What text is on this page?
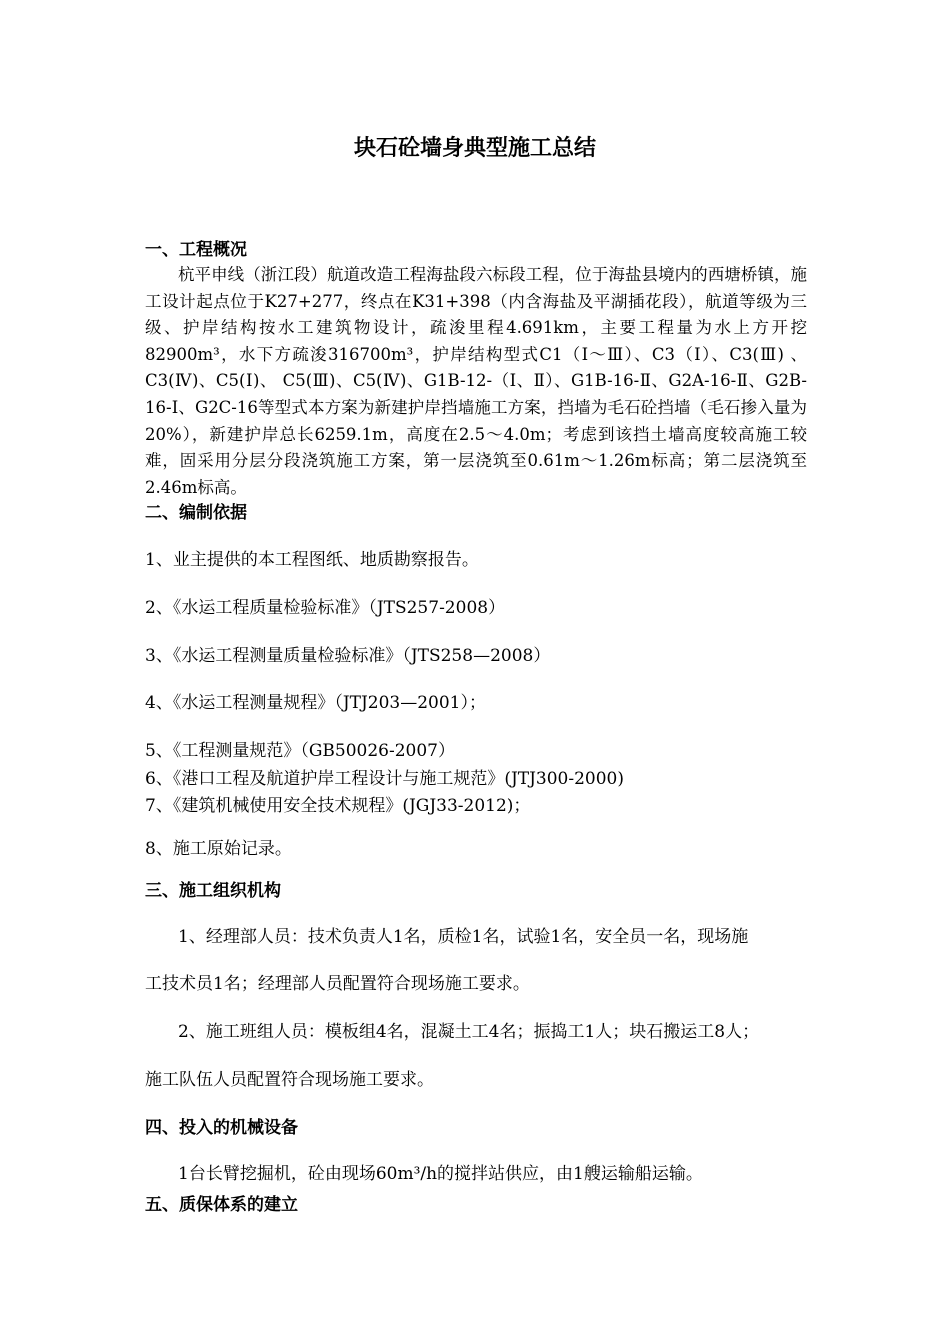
块石砼墙身典型施工总结
一、工程概况
杭平申线（浙江段）航道改造工程海盐段六标段工程，位于海盐县境内的西塘桥镇，施工设计起点位于K27+277，终点在K31+398（内含海盐及平湖插花段），航道等级为三级、护岸结构按水工建筑物设计，疏浚里程4.691km，主要工程量为水上方开挖82900m³，水下方疏浚316700m³，护岸结构型式C1（Ⅰ～Ⅲ）、C3（Ⅰ）、C3(Ⅲ) 、C3(Ⅳ)、C5(Ⅰ)、 C5(Ⅲ)、C5(Ⅳ)、G1B-12-（Ⅰ、Ⅱ）、G1B-16-Ⅱ、G2A-16-Ⅱ、G2B-16-Ⅰ、G2C-16等型式本方案为新建护岸挡墙施工方案，挡墙为毛石砼挡墙（毛石掺入量为20%），新建护岸总长6259.1m，高度在2.5～4.0m；考虑到该挡土墙高度较高施工较难，固采用分层分段浇筑施工方案，第一层浇筑至0.61m～1.26m标高；第二层浇筑至2.46m标高。
二、编制依据
1、业主提供的本工程图纸、地质勘察报告。
2、《水运工程质量检验标准》（JTS257-2008）
3、《水运工程测量质量检验标准》（JTS258—2008）
4、《水运工程测量规程》（JTJ203—2001）；
5、《工程测量规范》（GB50026-2007）
6、《港口工程及航道护岸工程设计与施工规范》(JTJ300-2000)
7、《建筑机械使用安全技术规程》(JGJ33-2012)；
8、施工原始记录。
三、施工组织机构
1、经理部人员：技术负责人1名，质检1名，试验1名，安全员一名，现场施
工技术员1名；经理部人员配置符合现场施工要求。
2、施工班组人员：模板组4名，混凝土工4名；振捣工1人；块石搬运工8人；
施工队伍人员配置符合现场施工要求。
四、投入的机械设备
1台长臂挖掘机，砼由现场60m³/h的搅拌站供应，由1艘运输船运输。
五、质保体系的建立
